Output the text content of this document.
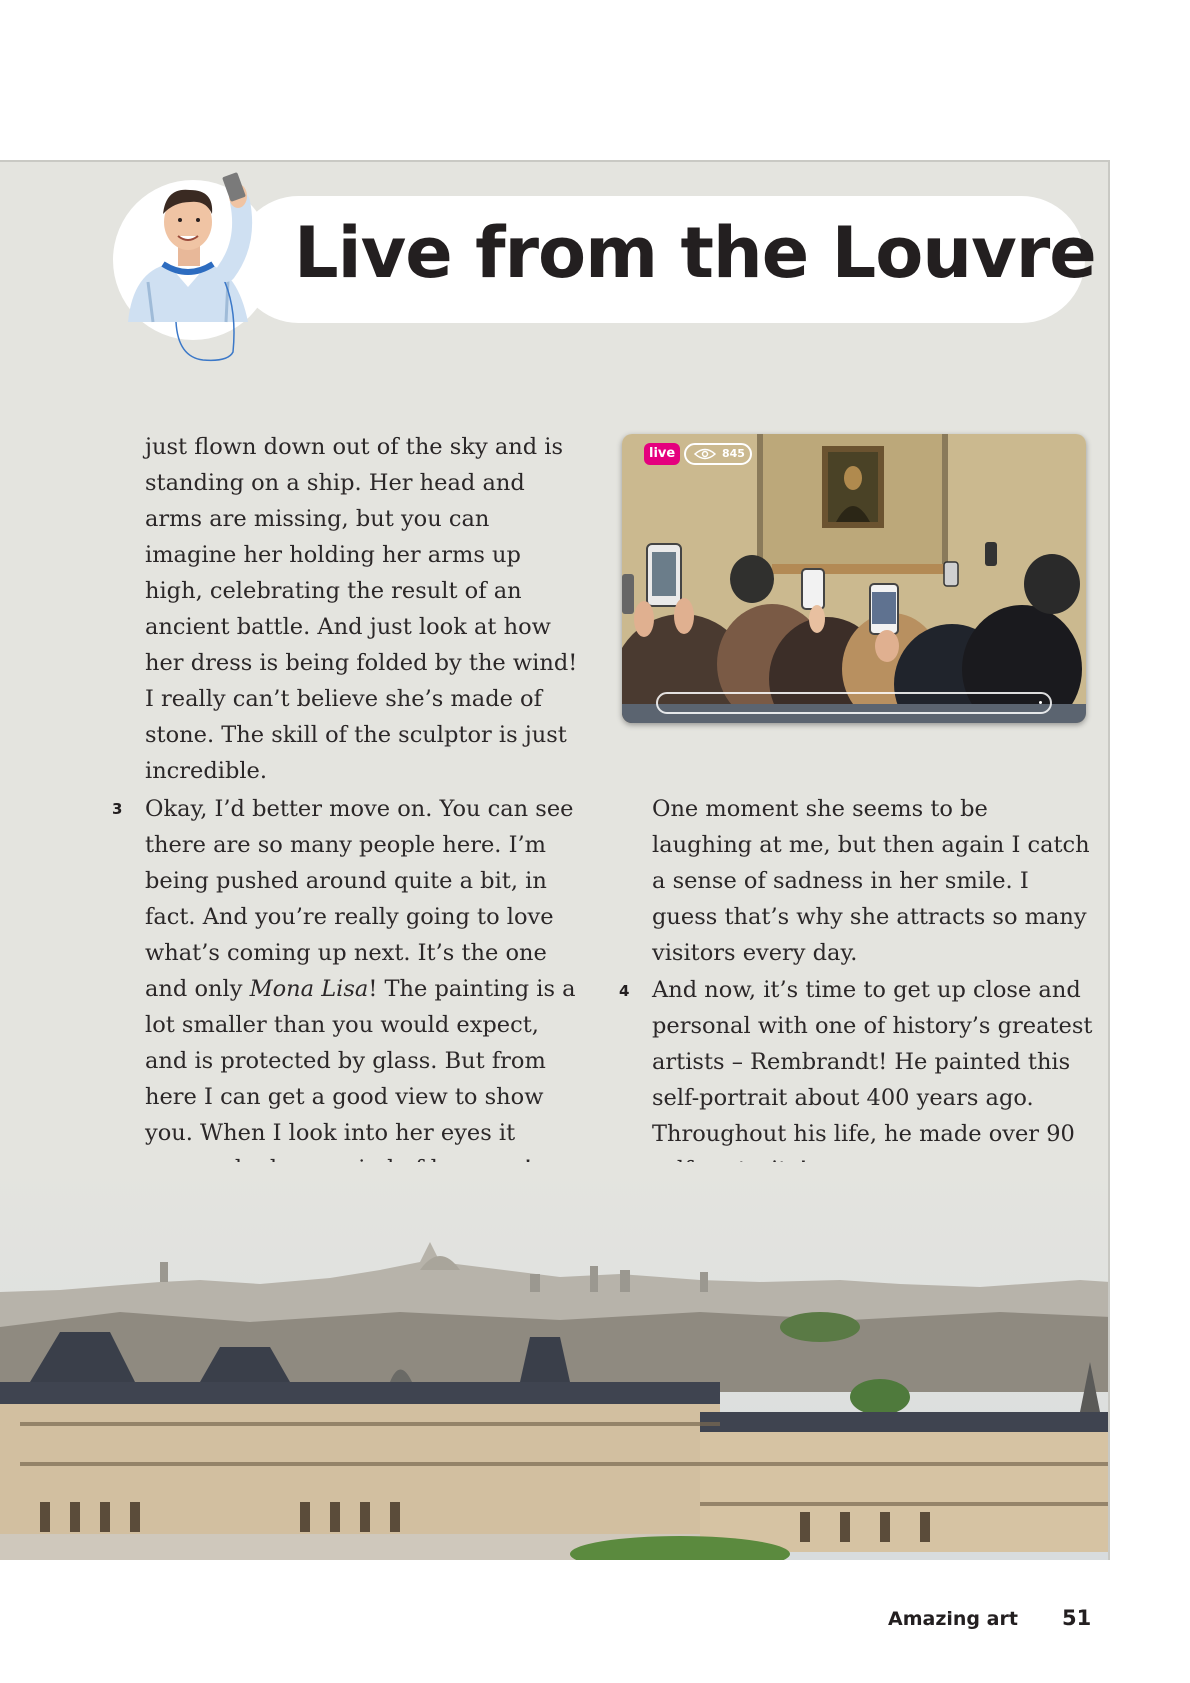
Live from the Louvre

just flown down out of the sky and is standing on a ship. Her head and arms are missing, but you can imagine her holding her arms up high, celebrating the result of an ancient battle. And just look at how her dress is being folded by the wind! I really can’t believe she’s made of stone. The skill of the sculptor is just incredible.

live	845
3 Okay, I’d better move on. You can see there are so many people here. I’m being pushed around quite a bit, in fact. And you’re really going to love what’s coming up next. It’s the one and only Mona Lisa! The painting is a lot smaller than you would expect, and is protected by glass. But from here I can get a good view to show you. When I look into her eyes it

One moment she seems to be laughing at me, but then again I catch a sense of sadness in her smile. I guess that’s why she attracts so many visitors every day.

4 And now, it’s time to get up close and personal with one of history’s greatest artists – Rembrandt! He painted this self-portrait about 400 years ago. Throughout his life, he made over 90

Amazing art 51
